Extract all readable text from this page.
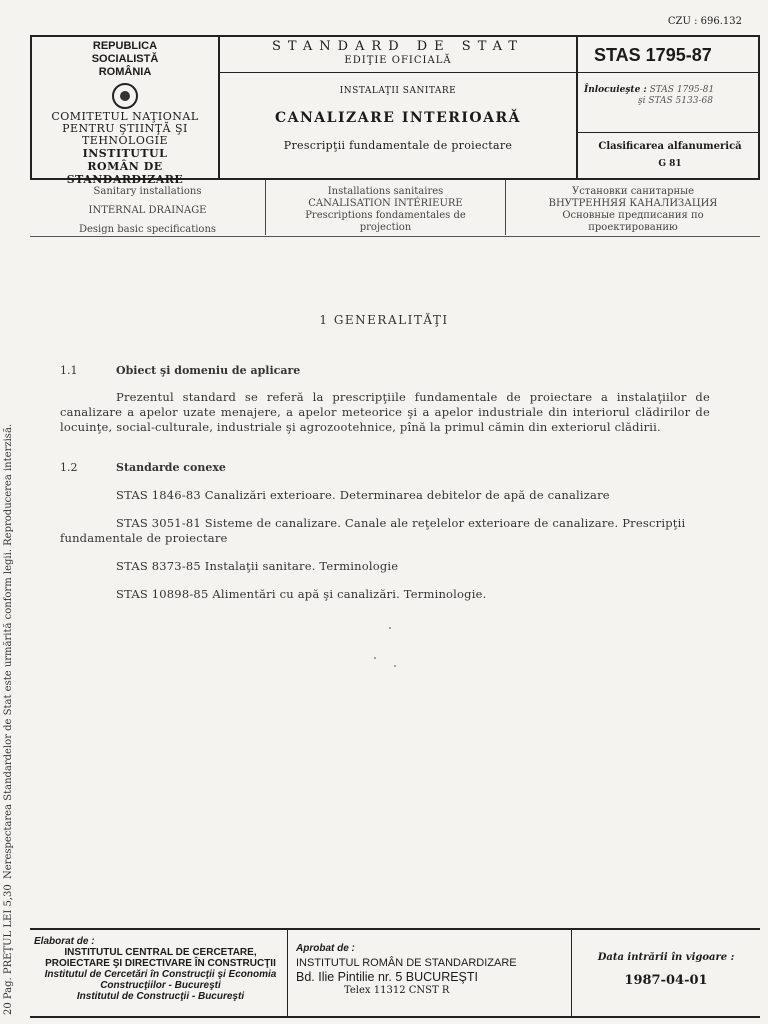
CZU : 696.132
REPUBLICA SOCIALISTĂ ROMÂNIA
COMITETUL NAŢIONAL PENTRU ŞTIINŢĂ ŞI TEHNOLOGIE
INSTITUTUL ROMÂN DE STANDARDIZARE
STANDARD DE STAT
EDIŢIE OFICIALĂ
INSTALAŢII SANITARE
CANALIZARE INTERIOARĂ
Prescripţii fundamentale de proiectare
STAS 1795-87
Înlocuieşte : STAS 1795-81
şi STAS 5133-68
Clasificarea alfanumerică
G 81
Sanitary installations
INTERNAL DRAINAGE
Design basic specifications
Installations sanitaires
CANALISATION INTÉRIEURE
Prescriptions fondamentales de
projection
Установки санитарные
ВНУТРЕННЯЯ КАНАЛИЗАЦИЯ
Основные предписания по
проектированию
1 GENERALITĂŢI
1.1	Obiect şi domeniu de aplicare
Prezentul standard se referă la prescripţiile fundamentale de proiectare a instalaţiilor de canalizare a apelor uzate menajere, a apelor meteorice şi a apelor industriale din interiorul clădirilor de locuinţe, social-culturale, industriale şi agrozootehnice, pînă la primul cămin din exteriorul clădirii.
1.2	Standarde conexe
STAS 1846-83 Canalizări exterioare. Determinarea debitelor de apă de canalizare
STAS 3051-81 Sisteme de canalizare. Canale ale reţelelor exterioare de canalizare. Prescripţii fundamentale de proiectare
STAS 8373-85 Instalaţii sanitare. Terminologie
STAS 10898-85 Alimentări cu apă şi canalizări. Terminologie.
20 Pag. PREŢUL LEI 5,30Nerespectarea Standardelor de Stat este urmărită conform legii. Reproducerea interzisă.
Elaborat de :
INSTITUTUL CENTRAL DE CERCETARE, PROIECTARE ŞI DIRECTIVARE ÎN CONSTRUCŢII
Institutul de Cercetări în Construcţii şi Economia Construcţiilor - Bucureşti
Institutul de Construcţii - Bucureşti
Aprobat de :
INSTITUTUL ROMÂN DE STANDARDIZARE
Bd. Ilie Pintilie nr. 5 BUCUREŞTI
Telex 11312 CNST R
Data intrării în vigoare :
1987-04-01
